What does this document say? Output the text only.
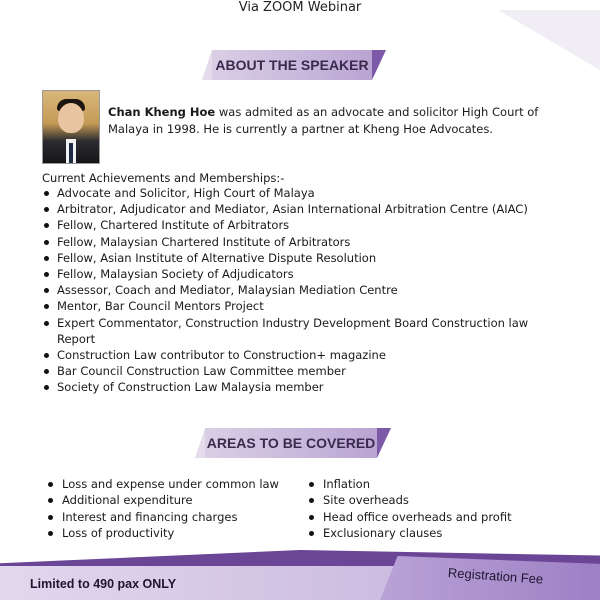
Via ZOOM Webinar
ABOUT THE SPEAKER
Chan Kheng Hoe was admited as an advocate and solicitor High Court of Malaya in 1998. He is currently a partner at Kheng Hoe Advocates.
Current Achievements and Memberships:-
Advocate and Solicitor, High Court of Malaya
Arbitrator, Adjudicator and Mediator, Asian International Arbitration Centre (AIAC)
Fellow, Chartered Institute of Arbitrators
Fellow, Malaysian Chartered Institute of Arbitrators
Fellow, Asian Institute of Alternative Dispute Resolution
Fellow, Malaysian Society of Adjudicators
Assessor, Coach and Mediator, Malaysian Mediation Centre
Mentor, Bar Council Mentors Project
Expert Commentator, Construction Industry Development Board Construction law Report
Construction Law contributor to Construction+ magazine
Bar Council Construction Law Committee member
Society of Construction Law Malaysia member
AREAS TO BE COVERED
Loss and expense under common law
Additional expenditure
Interest and financing charges
Loss of productivity
Inflation
Site overheads
Head office overheads and profit
Exclusionary clauses
Limited to 490 pax ONLY	Registration Fee
